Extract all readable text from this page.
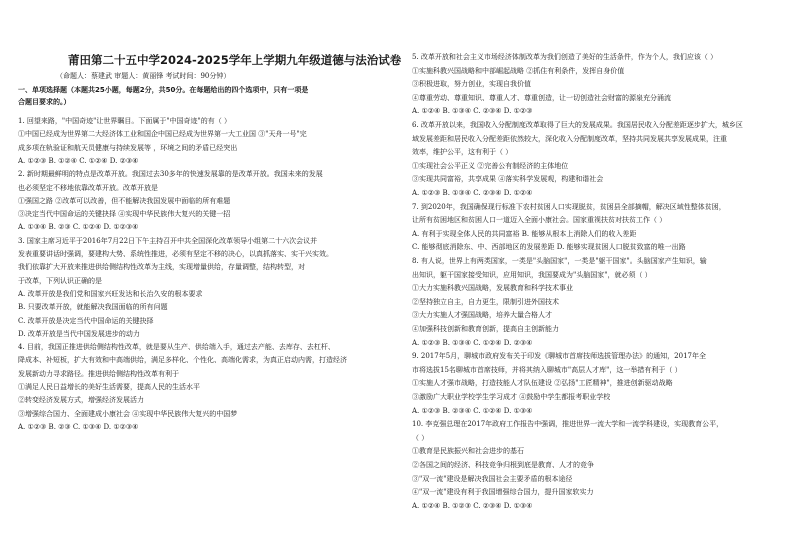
莆田第二十五中学2024-2025学年上学期九年级道德与法治试卷
（命题人：蔡建武 审题人：黄丽锋 考试时间：90分钟）
一、单项选择题（本题共25小题，每题2分，共50分。在每题给出的四个选项中，只有一项是
合题目要求的。）
1. 回望来路，"中国奇迹"让世界瞩目。下面属于"中国奇迹"的有（ ）
①中国已经成为世界第二大经济体工业和国企中国已经成为世界第一大工业国 ③"天舟一号"完
成多项在轨验证和航天员健康与持续发展等 ，环境之间的矛盾已经突出
A. ①②③ B. ①②④ C. ①②④ D. ②③④
2. 新时期最鲜明的特点是改革开放。我国过去30多年的快速发展靠的是改革开放。我国未来的发展
也必须坚定不移地依靠改革开放。改革开放是
①强国之路 ②改革可以改善，但不能解决我国发展中面临的所有难题
③决定当代中国命运的关键抉择 ④实现中华民族伟大复兴的关键一招
A. ①③④ B. ②③ C. ①②④ D. ①②③④
3. 国家主席习近平于2016年7月22日下午主持召开中共全国深化改革领导小组第二十六次会议并
发表重要讲话时强调，要建构大势、系统性推进，必须有坚定不移的决心，以真抓落实、实干兴实效。
我们依靠扩大开放来推进供给侧结构性改革为主线，实现增量供给，存量调整，结构转型，对
于改革，下列认识正确的是
A. 改革开放是我们党和国家兴旺发达和长治久安的根本要求
B. 只要改革开放，就能解决我国面临的所有问题
C. 改革开放是决定当代中国命运的关键抉择
D. 改革开放是当代中国发展进步的动力
4. 目前，我国正推进供给侧结构性改革，就是要从生产、供给端入手，通过去产能、去库存、去杠杆、
降成本、补短板，扩大有效和中高端供给，满足多样化、个性化、高端化需求，为真正启动内需，打造经济
发展新动力寻求路径。推进供给侧结构性改革有利于
①满足人民日益增长的美好生活需要，提高人民的生活水平
②转变经济发展方式，增强经济发展活力
③增强综合国力、全面建成小康社会 ④实现中华民族伟大复兴的中国梦
A. ①②③ B. ②③ C. ①③④ D. ①②③④
5. 改革开放和社会主义市场经济体制改革为我们创造了美好的生活条件，作为个人，我们应该（ ）
①实施科教兴国战略和中部崛起战略 ②抓住有利条件，发挥自身价值
③积极进取，努力创业，实现自我价值
④尊重劳动、尊重知识、尊重人才、尊重创造，让一切创造社会财富的源泉充分涌流
A. ①②④ B. ①③④ C. ②③④ D. ①②③
6. 改革开放以来，我国收入分配制度改革取得了巨大的发展成果。我国居民收入分配差距逐步扩大，城乡区
域发展差距和居民收入分配差距依然较大，深化收入分配制度改革，坚持共同发展共享发展成果，注重
效率，维护公平，这有利于（ ）
①实现社会公平正义 ②完善公有制经济的主体地位
③实现共同富裕，共享成果 ④落实科学发展观，构建和谐社会
A. ①②③ B. ①③④ C. ②③④ D. ①②④
7. 到2020年，我国确保现行标准下农村贫困人口实现脱贫，贫困县全部摘帽，解决区域性整体贫困，
让所有贫困地区和贫困人口一道迈入全面小康社会。国家重视扶贫对扶贫工作（ ）
A. 有利于实现全体人民的共同富裕 B. 能够从根本上消除人们的收入差距
C. 能够彻底消除东、中、西部地区的发展差距 D. 能够实现贫困人口脱贫致富的唯一出路
8. 有人说，世界上有两类国家，一类是"头脑国家"，一类是"躯干国家"。头脑国家产生知识，输
出知识，躯干国家接受知识，应用知识，我国要成为"头脑国家"，就必须（ ）
①大力实施科教兴国战略，发展教育和科学技术事业
②坚持独立自主，自力更生，限制引进外国技术
③大力实施人才强国战略，培养大量合格人才
④加强科技创新和教育创新，提高自主创新能力
A. ①②③ B. ①③④ C. ①②④ D. ②③④
9. 2017年5月，聊城市政府发布关于印发《聊城市首席技师选拔管理办法》的通知，2017年全
市将选拔15名聊城市首席技师，并将其纳入聊城市"高层人才库"，这一举措有利于（ ）
①实施人才强市战略，打造技能人才队伍建设 ②弘扬"工匠精神"，推进创新驱动战略
③激励广大职业学校学生学习成才 ④鼓励中学生都报考职业学校
A. ①②③ B. ②③④ C. ①②④ D. ①③④
10. 李克强总理在2017年政府工作报告中强调，推进世界一流大学和一流学科建设，实现教育公平，
（ ）
①教育是民族振兴和社会进步的基石
②各国之间的经济、科技竞争归根到底是教育、人才的竞争
③"双一流"建设是解决我国社会主要矛盾的根本途径
④"双一流"建设有利于我国增强综合国力，提升国家软实力
A. ①②④ B. ①②③ C. ②③④ D. ①③④
